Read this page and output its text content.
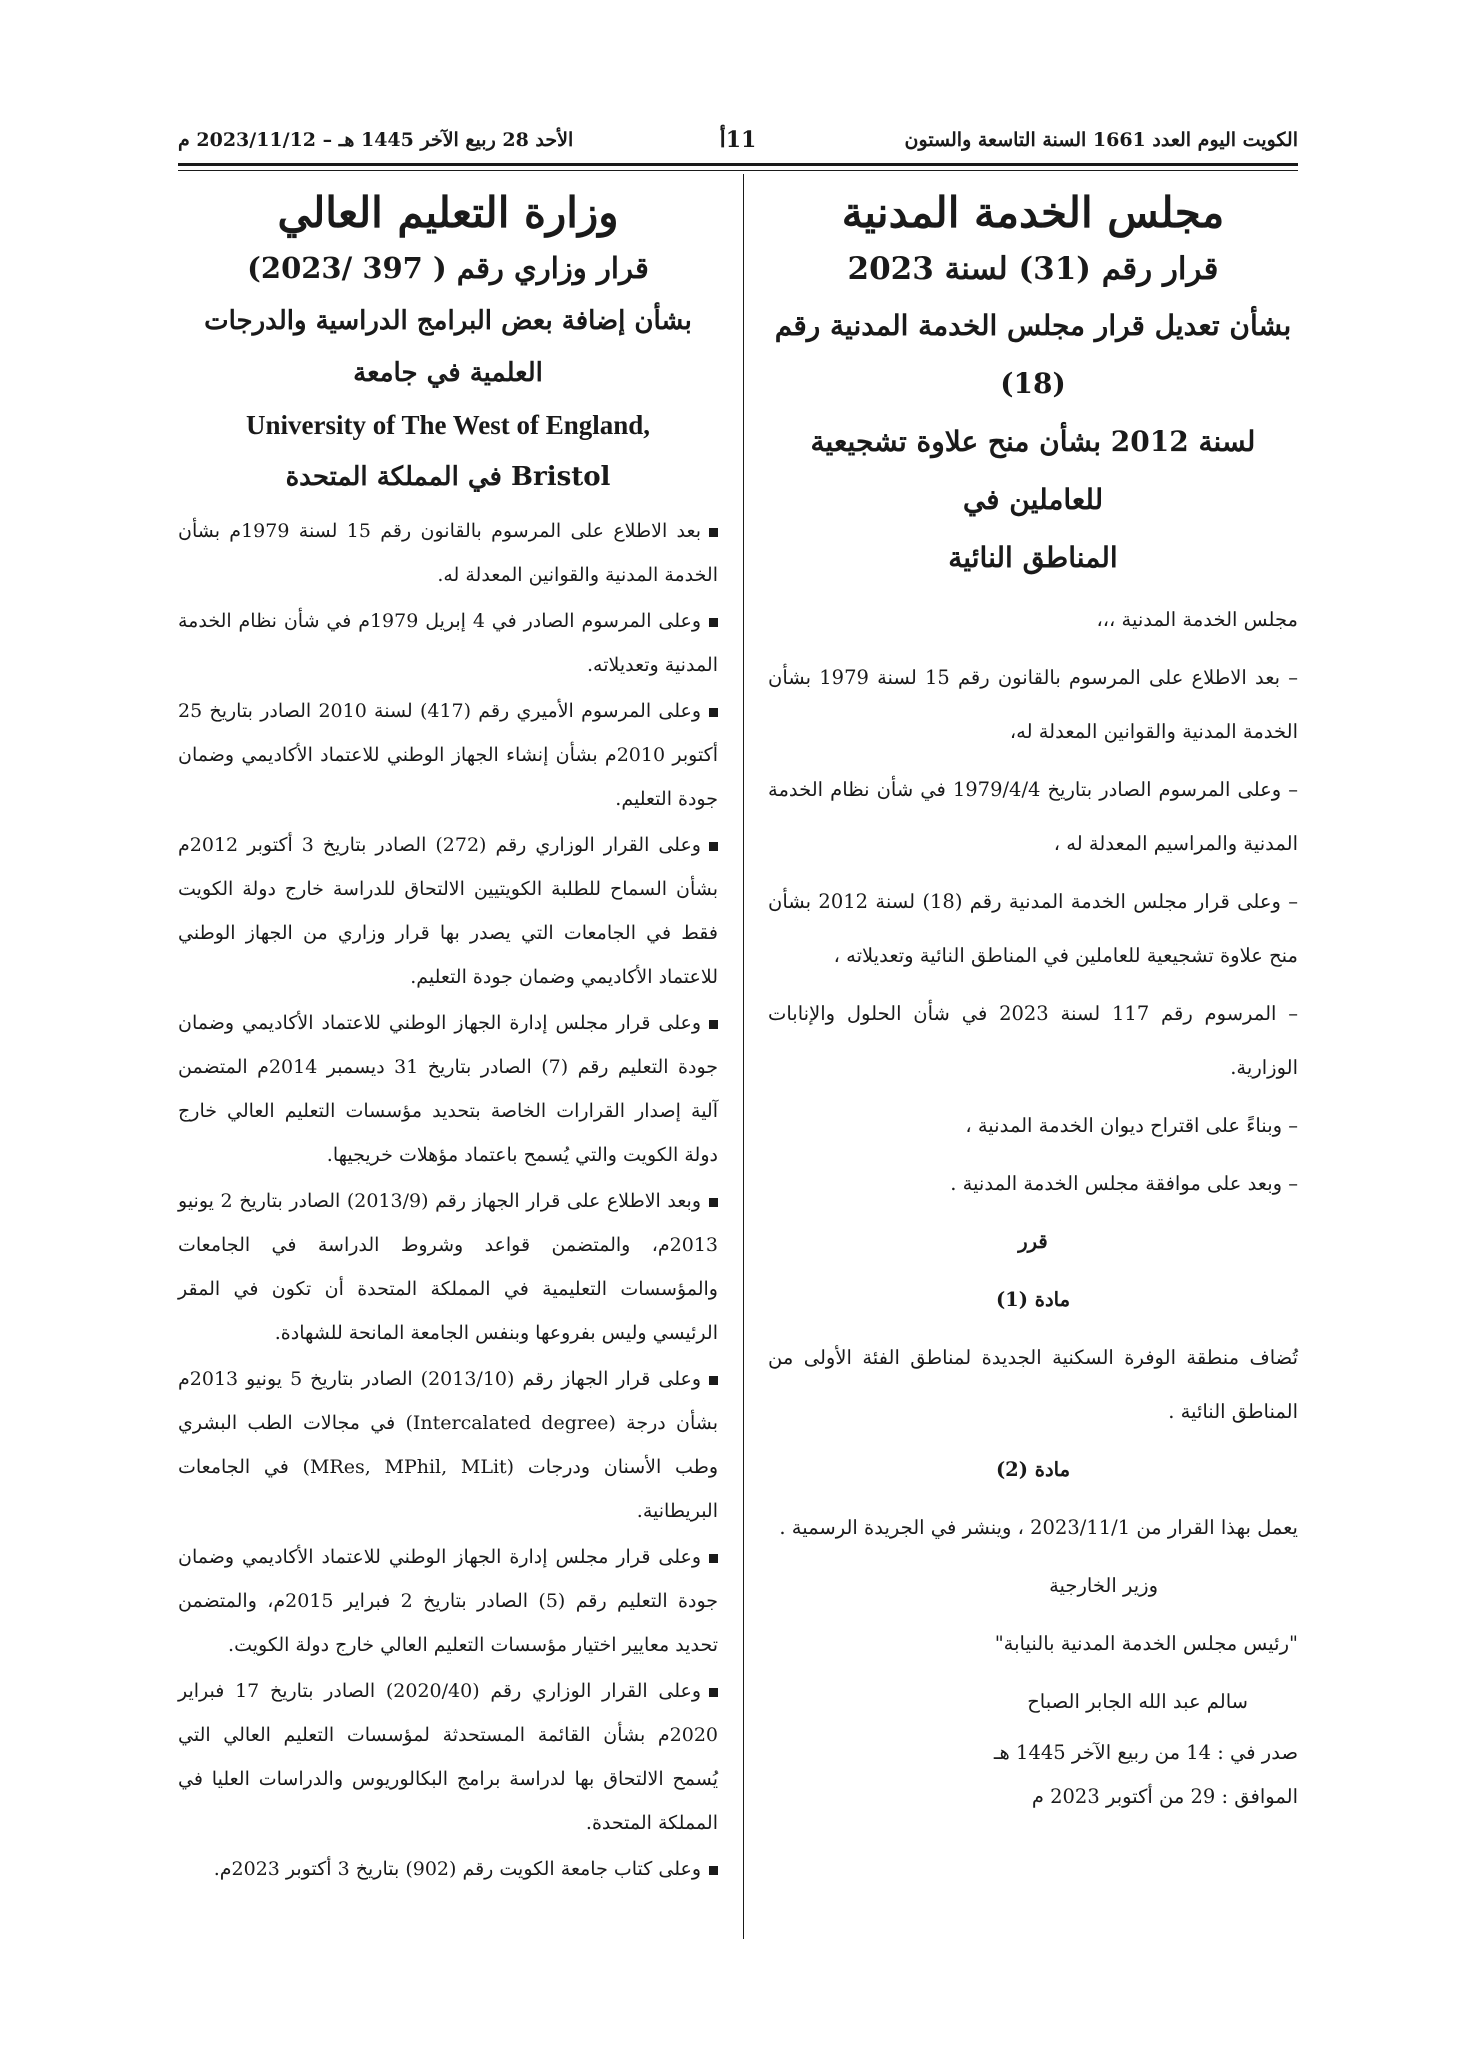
الكويت اليوم العدد 1661 السنة التاسعة والستون
11أ
الأحد 28 ربيع الآخر 1445 هـ – 2023/11/12 م
مجلس الخدمة المدنية
قرار رقم (31) لسنة 2023

بشأن تعديل قرار مجلس الخدمة المدنية رقم (18)

لسنة 2012 بشأن منح علاوة تشجيعية للعاملين في

المناطق النائية

مجلس الخدمة المدنية ،،،

– بعد الاطلاع على المرسوم بالقانون رقم 15 لسنة 1979 بشأن الخدمة المدنية والقوانين المعدلة له،

– وعلى المرسوم الصادر بتاريخ 1979/4/4 في شأن نظام الخدمة المدنية والمراسيم المعدلة له ،

– وعلى قرار مجلس الخدمة المدنية رقم (18) لسنة 2012 بشأن منح علاوة تشجيعية للعاملين في المناطق النائية وتعديلاته ،

– المرسوم رقم 117 لسنة 2023 في شأن الحلول والإنابات الوزارية.

– وبناءً على اقتراح ديوان الخدمة المدنية ،

– وبعد على موافقة مجلس الخدمة المدنية .

قرر

مادة (1)

تُضاف منطقة الوفرة السكنية الجديدة لمناطق الفئة الأولى من المناطق النائية .

مادة (2)

يعمل بهذا القرار من 2023/11/1 ، وينشر في الجريدة الرسمية .

وزير الخارجية

"رئيس مجلس الخدمة المدنية بالنيابة"

سالم عبد الله الجابر الصباح

صدر في : 14 من ربيع الآخر 1445 هـ

الموافق : 29 من أكتوبر 2023 م

وزارة التعليم العالي
قرار وزاري رقم ( 397 /2023)

بشأن إضافة بعض البرامج الدراسية والدرجات

العلمية في جامعة

University of The West of England,

Bristol في المملكة المتحدة

بعد الاطلاع على المرسوم بالقانون رقم 15 لسنة 1979م بشأن الخدمة المدنية والقوانين المعدلة له.
وعلى المرسوم الصادر في 4 إبريل 1979م في شأن نظام الخدمة المدنية وتعديلاته.
وعلى المرسوم الأميري رقم (417) لسنة 2010 الصادر بتاريخ 25 أكتوبر 2010م بشأن إنشاء الجهاز الوطني للاعتماد الأكاديمي وضمان جودة التعليم.
وعلى القرار الوزاري رقم (272) الصادر بتاريخ 3 أكتوبر 2012م بشأن السماح للطلبة الكويتيين الالتحاق للدراسة خارج دولة الكويت فقط في الجامعات التي يصدر بها قرار وزاري من الجهاز الوطني للاعتماد الأكاديمي وضمان جودة التعليم.
وعلى قرار مجلس إدارة الجهاز الوطني للاعتماد الأكاديمي وضمان جودة التعليم رقم (7) الصادر بتاريخ 31 ديسمبر 2014م المتضمن آلية إصدار القرارات الخاصة بتحديد مؤسسات التعليم العالي خارج دولة الكويت والتي يُسمح باعتماد مؤهلات خريجيها.
وبعد الاطلاع على قرار الجهاز رقم (2013/9) الصادر بتاريخ 2 يونيو 2013م، والمتضمن قواعد وشروط الدراسة في الجامعات والمؤسسات التعليمية في المملكة المتحدة أن تكون في المقر الرئيسي وليس بفروعها وبنفس الجامعة المانحة للشهادة.
وعلى قرار الجهاز رقم (2013/10) الصادر بتاريخ 5 يونيو 2013م بشأن درجة (Intercalated degree) في مجالات الطب البشري وطب الأسنان ودرجات (MRes, MPhil, MLit) في الجامعات البريطانية.
وعلى قرار مجلس إدارة الجهاز الوطني للاعتماد الأكاديمي وضمان جودة التعليم رقم (5) الصادر بتاريخ 2 فبراير 2015م، والمتضمن تحديد معايير اختيار مؤسسات التعليم العالي خارج دولة الكويت.
وعلى القرار الوزاري رقم (2020/40) الصادر بتاريخ 17 فبراير 2020م بشأن القائمة المستحدثة لمؤسسات التعليم العالي التي يُسمح الالتحاق بها لدراسة برامج البكالوريوس والدراسات العليا في المملكة المتحدة.
وعلى كتاب جامعة الكويت رقم (902) بتاريخ 3 أكتوبر 2023م.
